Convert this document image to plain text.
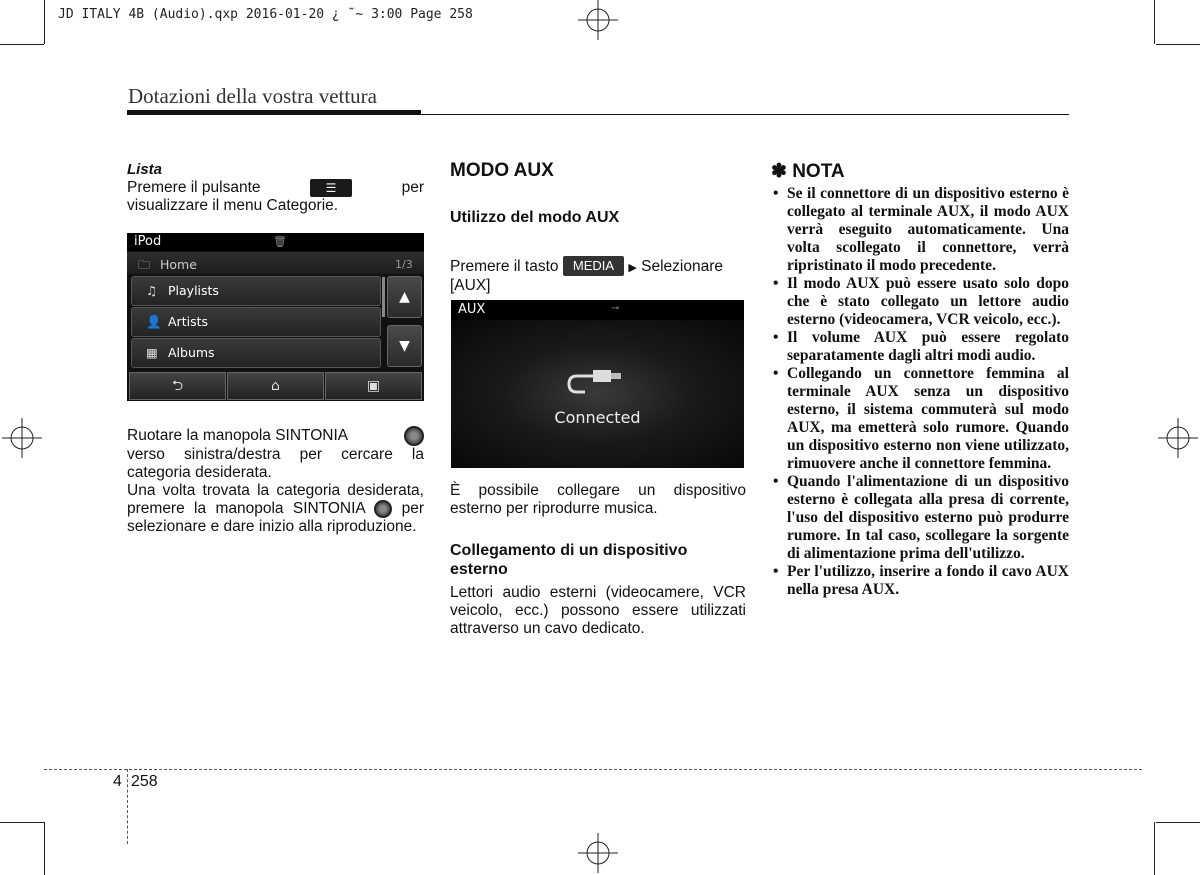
JD ITALY 4B (Audio).qxp 2016-01-20 ¿ ˜~ 3:00 Page 258
Dotazioni della vostra vettura
Lista
Premere il pulsante	☰	per
visualizzare il menu Categorie.
iPod	🗑
🗀 Home	1/3
♫ Playlists
👤 Artists
▦ Albums
▲
▼
⮌	⌂	▣
Ruotare la manopola SINTONIA
verso sinistra/destra per cercare la categoria desiderata.
Una volta trovata la categoria desiderata, premere la manopola SINTONIA per selezionare e dare inizio alla riproduzione.
MODO AUX
Utilizzo del modo AUX
Premere il tasto MEDIA ▶ Selezionare [AUX]
AUX	⊸
Connected
È possibile collegare un dispositivo esterno per riprodurre musica.
Collegamento di un dispositivo esterno
Lettori audio esterni (videocamere, VCR veicolo, ecc.) possono essere utilizzati attraverso un cavo dedicato.
✽ NOTA
• Se il connettore di un dispositivo esterno è collegato al terminale AUX, il modo AUX verrà eseguito automaticamente. Una volta scollegato il connettore, verrà ripristinato il modo precedente.
• Il modo AUX può essere usato solo dopo che è stato collegato un lettore audio esterno (videocamera, VCR veicolo, ecc.).
• Il volume AUX può essere regolato separatamente dagli altri modi audio.
• Collegando un connettore femmina al terminale AUX senza un dispositivo esterno, il sistema commuterà sul modo AUX, ma emetterà solo rumore. Quando un dispositivo esterno non viene utilizzato, rimuovere anche il connettore femmina.
• Quando l'alimentazione di un dispositivo esterno è collegata alla presa di corrente, l'uso del dispositivo esterno può produrre rumore. In tal caso, scollegare la sorgente di alimentazione prima dell'utilizzo.
• Per l'utilizzo, inserire a fondo il cavo AUX nella presa AUX.
4 258
